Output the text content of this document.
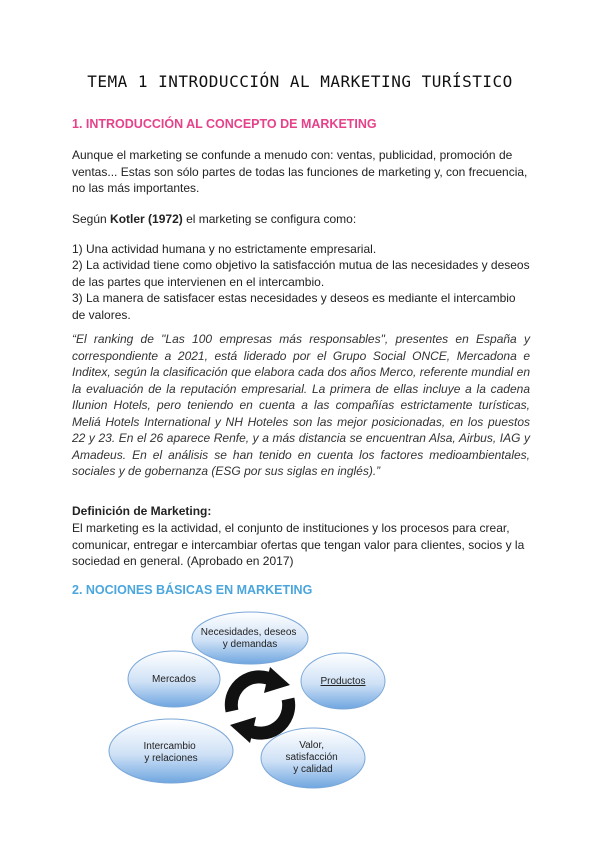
TEMA 1 INTRODUCCIÓN AL MARKETING TURÍSTICO
1. INTRODUCCIÓN AL CONCEPTO DE MARKETING

Aunque el marketing se confunde a menudo con: ventas, publicidad, promoción de ventas... Estas son sólo partes de todas las funciones de marketing y, con frecuencia, no las más importantes.

Según Kotler (1972) el marketing se configura como:

1) Una actividad humana y no estrictamente empresarial.

2) La actividad tiene como objetivo la satisfacción mutua de las necesidades y deseos de las partes que intervienen en el intercambio.

3) La manera de satisfacer estas necesidades y deseos es mediante el intercambio de valores.

“El ranking de "Las 100 empresas más responsables", presentes en España y correspondiente a 2021, está liderado por el Grupo Social ONCE, Mercadona e Inditex, según la clasificación que elabora cada dos años Merco, referente mundial en la evaluación de la reputación empresarial. La primera de ellas incluye a la cadena Ilunion Hotels, pero teniendo en cuenta a las compañías estrictamente turísticas, Meliá Hotels International y NH Hoteles son las mejor posicionadas, en los puestos 22 y 23. En el 26 aparece Renfe, y a más distancia se encuentran Alsa, Airbus, IAG y Amadeus. En el análisis se han tenido en cuenta los factores medioambientales, sociales y de gobernanza (ESG por sus siglas en inglés).”

Definición de Marketing:

El marketing es la actividad, el conjunto de instituciones y los procesos para crear, comunicar, entregar e intercambiar ofertas que tengan valor para clientes, socios y la sociedad en general. (Aprobado en 2017)

2. NOCIONES BÁSICAS EN MARKETING
Necesidades, deseos y demandas
Mercados	Productos
Intercambio y relaciones
Valor, satisfacción y calidad
